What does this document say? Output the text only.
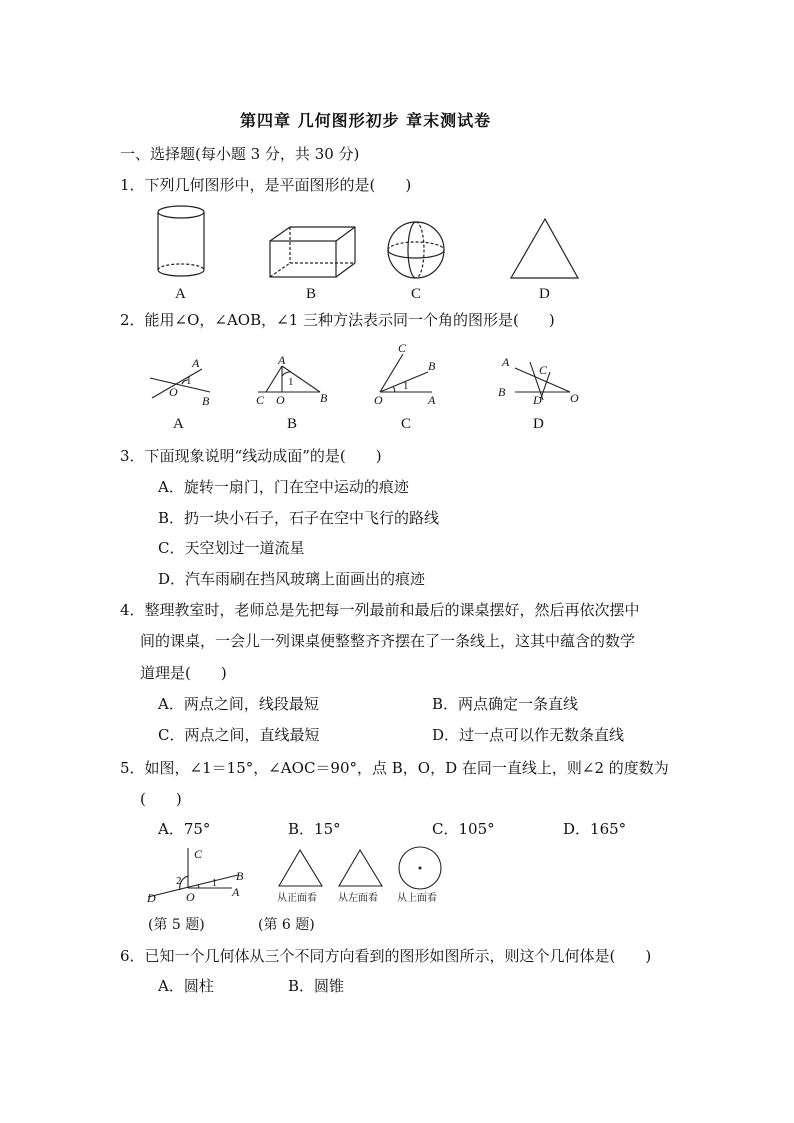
第四章 几何图形初步 章末测试卷
一、选择题(每小题 3 分，共 30 分)
1．下列几何图形中，是平面图形的是(　　)
A	B	C	D
2．能用∠O，∠AOB，∠1 三种方法表示同一个角的图形是(　　)
A
O
B
1
A
C O	B
1
C
B
O	A
1
A
C
B
D O
A	B	C	D
3．下面现象说明“线动成面”的是(　　)
A．旋转一扇门，门在空中运动的痕迹
B．扔一块小石子，石子在空中飞行的路线
C．天空划过一道流星
D．汽车雨刷在挡风玻璃上面画出的痕迹
4．整理教室时，老师总是先把每一列最前和最后的课桌摆好，然后再依次摆中
间的课桌，一会儿一列课桌便整整齐齐摆在了一条线上，这其中蕴含的数学
道理是(　　)
A．两点之间，线段最短	B．两点确定一条直线
C．两点之间，直线最短	D．过一点可以作无数条直线
5．如图，∠1＝15°，∠AOC＝90°，点 B，O，D 在同一直线上，则∠2 的度数为
(　　)
A．75°	B．15°	C．105°	D．165°
C
B
A
D	O
2	1
从正面看 从左面看 从上面看
(第 5 题)	(第 6 题)
6．已知一个几何体从三个不同方向看到的图形如图所示，则这个几何体是(　　)
A．圆柱	B．圆锥
